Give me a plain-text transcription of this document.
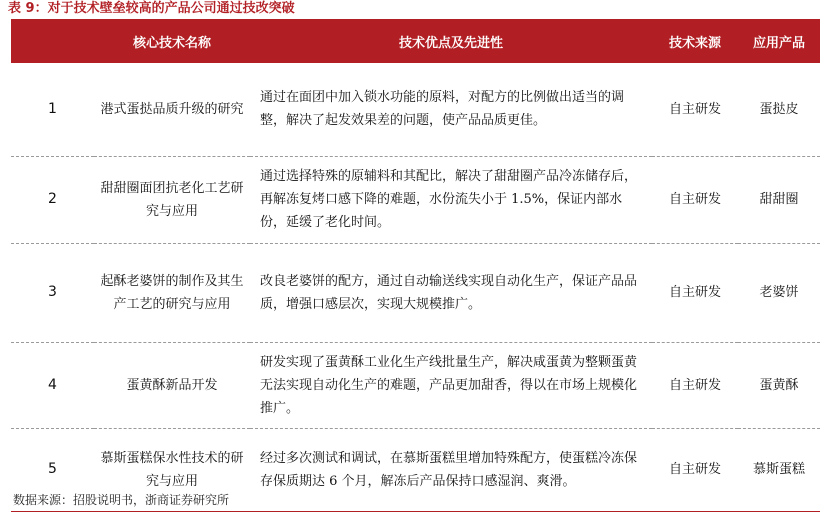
表 9：对于技术壁垒较高的产品公司通过技改突破
	核心技术名称	技术优点及先进性	技术来源	应用产品
1	港式蛋挞品质升级的研究	通过在面团中加入锁水功能的原料，对配方的比例做出适当的调整，解决了起发效果差的问题，使产品品质更佳。	自主研发	蛋挞皮
2	甜甜圈面团抗老化工艺研究与应用	通过选择特殊的原辅料和其配比，解决了甜甜圈产品冷冻储存后，再解冻复烤口感下降的难题，水份流失小于 1.5%，保证内部水份，延缓了老化时间。	自主研发	甜甜圈
3	起酥老婆饼的制作及其生产工艺的研究与应用	改良老婆饼的配方，通过自动输送线实现自动化生产，保证产品品质，增强口感层次，实现大规模推广。	自主研发	老婆饼
4	蛋黄酥新品开发	研发实现了蛋黄酥工业化生产线批量生产，解决咸蛋黄为整颗蛋黄无法实现自动化生产的难题，产品更加甜香，得以在市场上规模化推广。	自主研发	蛋黄酥
5	慕斯蛋糕保水性技术的研究与应用	经过多次测试和调试，在慕斯蛋糕里增加特殊配方，使蛋糕冷冻保存保质期达 6 个月，解冻后产品保持口感湿润、爽滑。	自主研发	慕斯蛋糕
数据来源：招股说明书，浙商证券研究所
